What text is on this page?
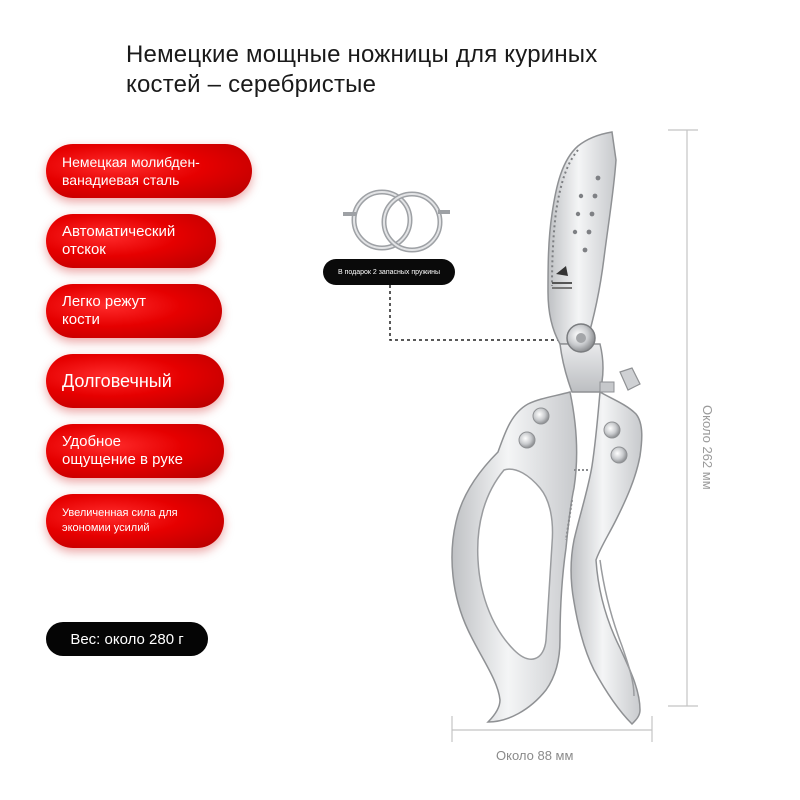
Немецкие мощные ножницы для куриных
костей – серебристые
Немецкая молибден-
ванадиевая сталь
Автоматический
отскок
Легко режут
кости
Долговечный
Удобное
ощущение в руке
Увеличенная сила для
экономии усилий
Вес: около 280 г
В подарок 2 запасных пружины
Около 88 мм
Около 262 мм
